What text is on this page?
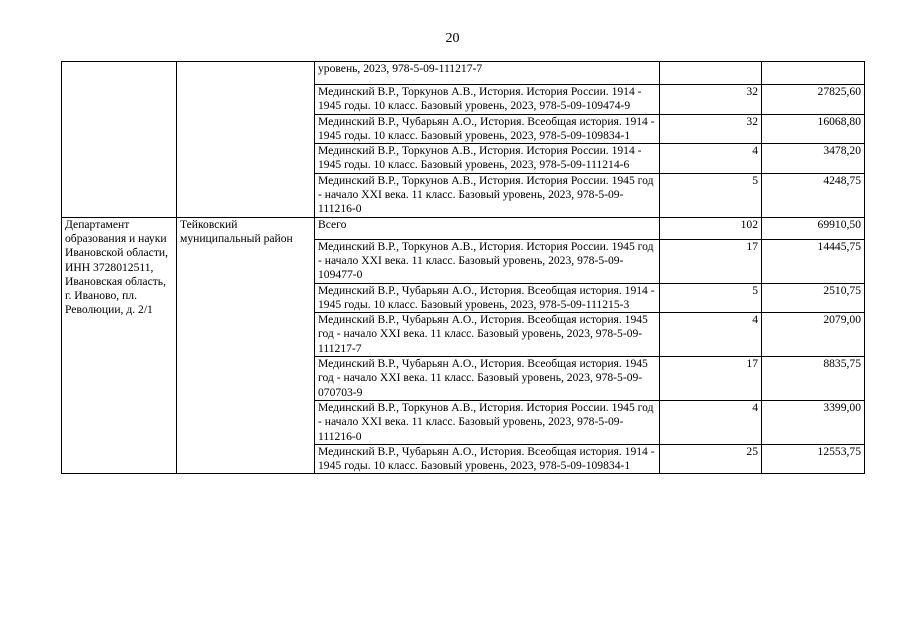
20
		уровень, 2023, 978-5-09-111217-7		
		Мединский В.Р., Торкунов А.В., История. История России. 1914 - 1945 годы. 10 класс. Базовый уровень, 2023, 978-5-09-109474-9	32	27825,60
		Мединский В.Р., Чубарьян А.О., История. Всеобщая история. 1914 - 1945 годы. 10 класс. Базовый уровень, 2023, 978-5-09-109834-1	32	16068,80
		Мединский В.Р., Торкунов А.В., История. История России. 1914 - 1945 годы. 10 класс. Базовый уровень, 2023, 978-5-09-111214-6	4	3478,20
		Мединский В.Р., Торкунов А.В., История. История России. 1945 год - начало XXI века. 11 класс. Базовый уровень, 2023, 978-5-09-111216-0	5	4248,75
Департамент образования и науки Ивановской области, ИНН 3728012511, Ивановская область, г. Иваново, пл. Революции, д. 2/1	Тейковский муниципальный район	Всего	102	69910,50
		Мединский В.Р., Торкунов А.В., История. История России. 1945 год - начало XXI века. 11 класс. Базовый уровень, 2023, 978-5-09-109477-0	17	14445,75
		Мединский В.Р., Чубарьян А.О., История. Всеобщая история. 1914 - 1945 годы. 10 класс. Базовый уровень, 2023, 978-5-09-111215-3	5	2510,75
		Мединский В.Р., Чубарьян А.О., История. Всеобщая история. 1945 год - начало XXI века. 11 класс. Базовый уровень, 2023, 978-5-09-111217-7	4	2079,00
		Мединский В.Р., Чубарьян А.О., История. Всеобщая история. 1945 год - начало XXI века. 11 класс. Базовый уровень, 2023, 978-5-09-070703-9	17	8835,75
		Мединский В.Р., Торкунов А.В., История. История России. 1945 год - начало XXI века. 11 класс. Базовый уровень, 2023, 978-5-09-111216-0	4	3399,00
		Мединский В.Р., Чубарьян А.О., История. Всеобщая история. 1914 - 1945 годы. 10 класс. Базовый уровень, 2023, 978-5-09-109834-1	25	12553,75
